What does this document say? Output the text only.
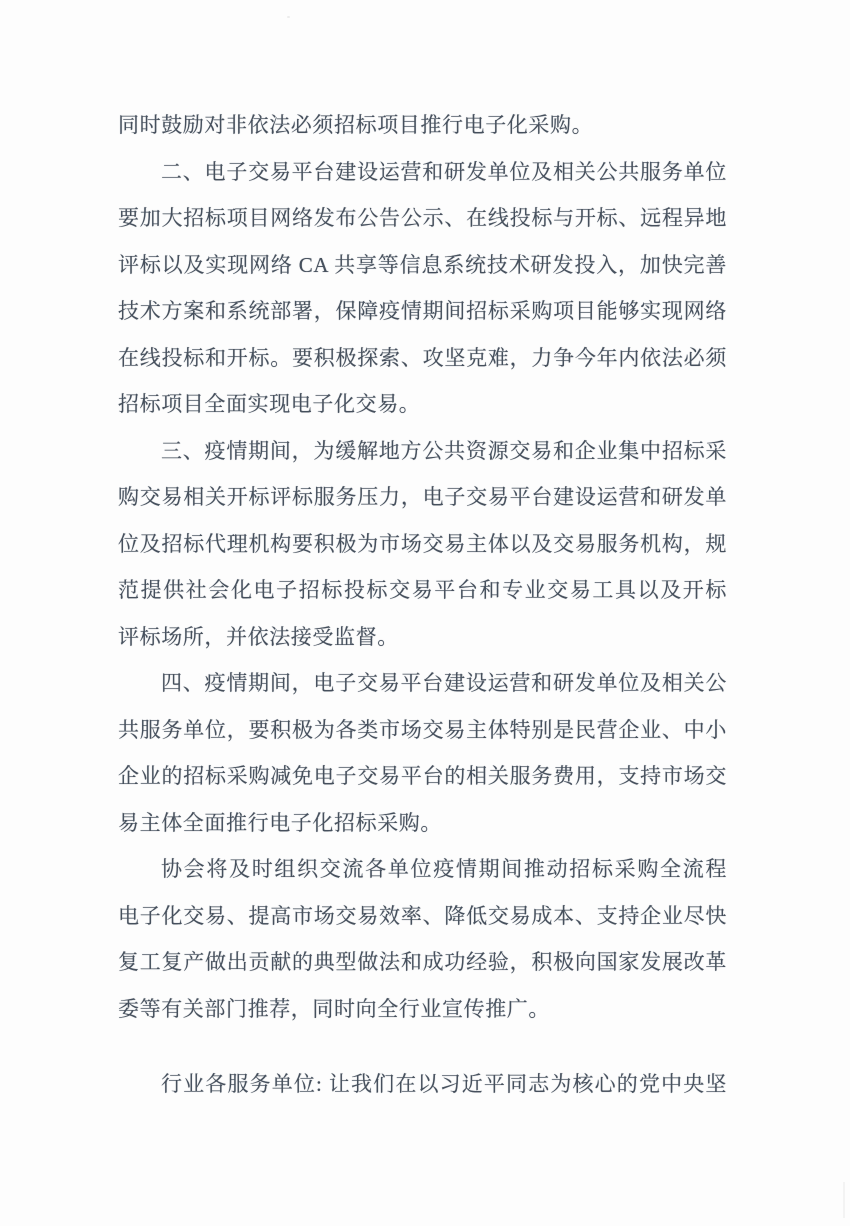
同时鼓励对非依法必须招标项目推行电子化采购。
二、电子交易平台建设运营和研发单位及相关公共服务单位
要加大招标项目网络发布公告公示、在线投标与开标、远程异地
评标以及实现网络 CA 共享等信息系统技术研发投入，加快完善
技术方案和系统部署，保障疫情期间招标采购项目能够实现网络
在线投标和开标。要积极探索、攻坚克难，力争今年内依法必须
招标项目全面实现电子化交易。
三、疫情期间，为缓解地方公共资源交易和企业集中招标采
购交易相关开标评标服务压力，电子交易平台建设运营和研发单
位及招标代理机构要积极为市场交易主体以及交易服务机构，规
范提供社会化电子招标投标交易平台和专业交易工具以及开标
评标场所，并依法接受监督。
四、疫情期间，电子交易平台建设运营和研发单位及相关公
共服务单位，要积极为各类市场交易主体特别是民营企业、中小
企业的招标采购减免电子交易平台的相关服务费用，支持市场交
易主体全面推行电子化招标采购。
协会将及时组织交流各单位疫情期间推动招标采购全流程
电子化交易、提高市场交易效率、降低交易成本、支持企业尽快
复工复产做出贡献的典型做法和成功经验，积极向国家发展改革
委等有关部门推荐，同时向全行业宣传推广。
行业各服务单位: 让我们在以习近平同志为核心的党中央坚
